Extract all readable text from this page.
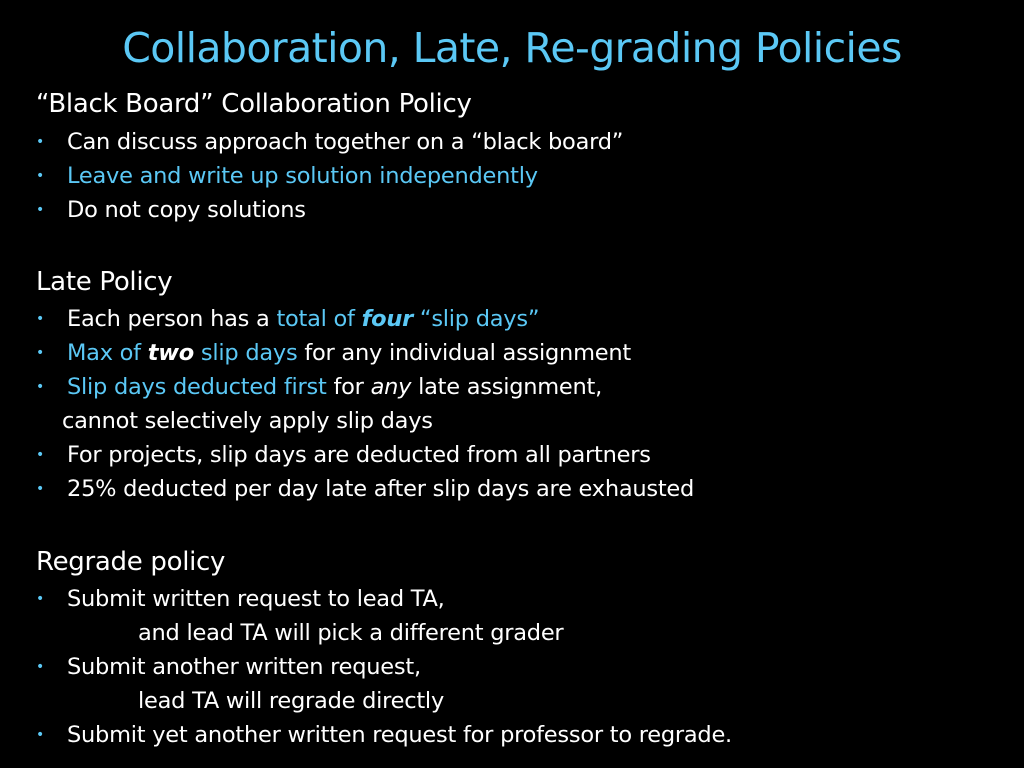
Collaboration, Late, Re-grading Policies
“Black Board” Collaboration Policy
•	Can discuss approach together on a “black board”
•	Leave and write up solution independently
•	Do not copy solutions
Late Policy
•	Each person has a total of four “slip days”
•	Max of two slip days for any individual assignment
•	Slip days deducted first for any late assignment,
cannot selectively apply slip days
•	For projects, slip days are deducted from all partners
•	25% deducted per day late after slip days are exhausted
Regrade policy
•	Submit written request to lead TA,
and lead TA will pick a different grader
•	Submit another written request,
lead TA will regrade directly
•	Submit yet another written request for professor to regrade.
